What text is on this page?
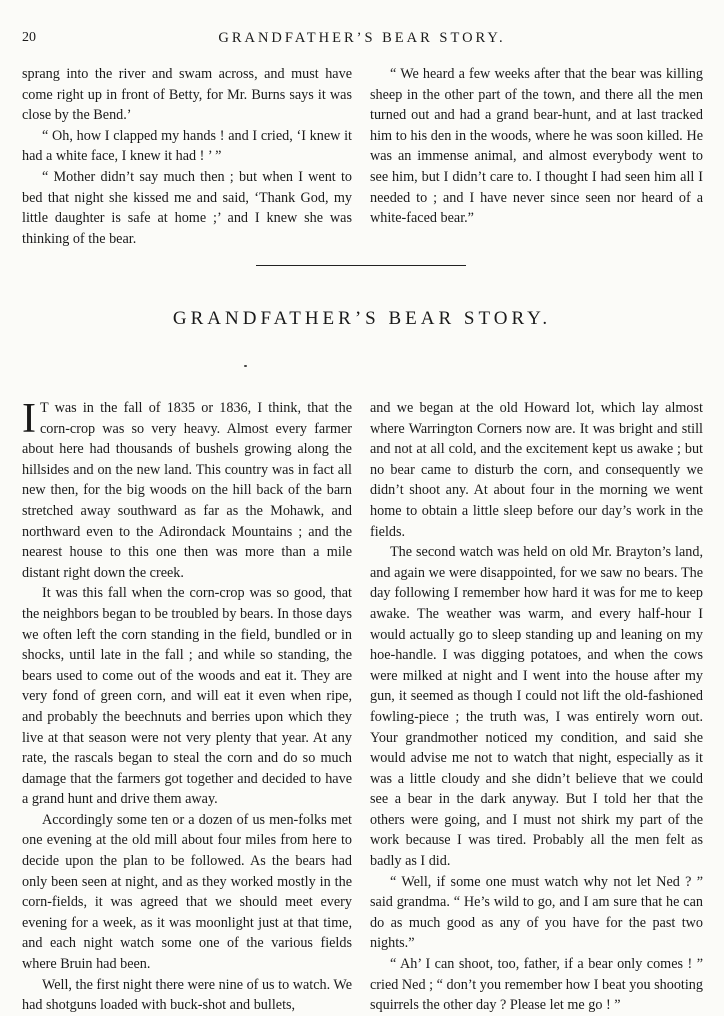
20	GRANDFATHER’S BEAR STORY.

sprang into the river and swam across, and must have come right up in front of Betty, for Mr. Burns says it was close by the Bend.’

“ Oh, how I clapped my hands ! and I cried, ‘I knew it had a white face, I knew it had ! ’ ”

“ Mother didn’t say much then ; but when I went to bed that night she kissed me and said, ‘Thank God, my little daughter is safe at home ;’ and I knew she was thinking of the bear.

“ We heard a few weeks after that the bear was killing sheep in the other part of the town, and there all the men turned out and had a grand bear-hunt, and at last tracked him to his den in the woods, where he was soon killed. He was an immense animal, and almost everybody went to see him, but I didn’t care to. I thought I had seen him all I needed to ; and I have never since seen nor heard of a white-faced bear.”

GRANDFATHER’S BEAR STORY.

I T was in the fall of 1835 or 1836, I think, that the corn-crop was so very heavy. Almost every farmer about here had thousands of bushels growing along the hillsides and on the new land. This country was in fact all new then, for the big woods on the hill back of the barn stretched away southward as far as the Mohawk, and northward even to the Adirondack Mountains ; and the nearest house to this one then was more than a mile distant right down the creek.

It was this fall when the corn-crop was so good, that the neighbors began to be troubled by bears. In those days we often left the corn standing in the field, bundled or in shocks, until late in the fall ; and while so standing, the bears used to come out of the woods and eat it. They are very fond of green corn, and will eat it even when ripe, and probably the beechnuts and berries upon which they live at that season were not very plenty that year. At any rate, the rascals began to steal the corn and do so much damage that the farmers got together and decided to have a grand hunt and drive them away.

Accordingly some ten or a dozen of us men-folks met one evening at the old mill about four miles from here to decide upon the plan to be followed. As the bears had only been seen at night, and as they worked mostly in the corn-fields, it was agreed that we should meet every evening for a week, as it was moonlight just at that time, and each night watch some one of the various fields where Bruin had been.

Well, the first night there were nine of us to watch. We had shotguns loaded with buck-shot and bullets,

and we began at the old Howard lot, which lay almost where Warrington Corners now are. It was bright and still and not at all cold, and the excitement kept us awake ; but no bear came to disturb the corn, and consequently we didn’t shoot any. At about four in the morning we went home to obtain a little sleep before our day’s work in the fields.

The second watch was held on old Mr. Brayton’s land, and again we were disappointed, for we saw no bears. The day following I remember how hard it was for me to keep awake. The weather was warm, and every half-hour I would actually go to sleep standing up and leaning on my hoe-handle. I was digging potatoes, and when the cows were milked at night and I went into the house after my gun, it seemed as though I could not lift the old-fashioned fowling-piece ; the truth was, I was entirely worn out. Your grandmother noticed my condition, and said she would advise me not to watch that night, especially as it was a little cloudy and she didn’t believe that we could see a bear in the dark anyway. But I told her that the others were going, and I must not shirk my part of the work because I was tired. Probably all the men felt as badly as I did.

“ Well, if some one must watch why not let Ned ? ” said grandma. “ He’s wild to go, and I am sure that he can do as much good as any of you have for the past two nights.”

“ Ah’ I can shoot, too, father, if a bear only comes ! ” cried Ned ; “ don’t you remember how I beat you shooting squirrels the other day ? Please let me go ! ”
